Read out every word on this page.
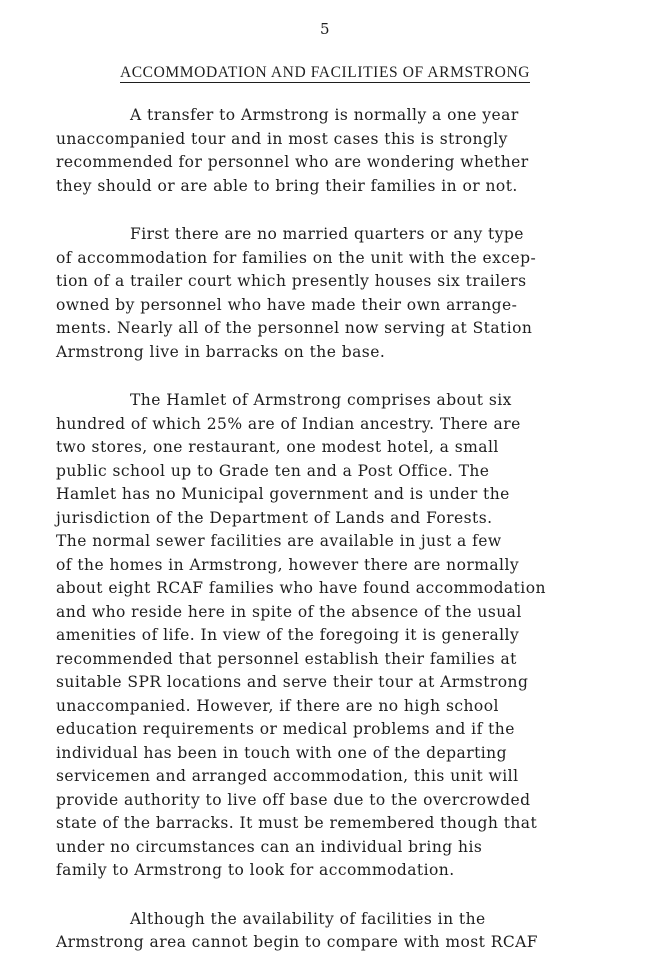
5
ACCOMMODATION AND FACILITIES OF ARMSTRONG
A transfer to Armstrong is normally a one year
unaccompanied tour and in most cases this is strongly
recommended for personnel who are wondering whether
they should or are able to bring their families in or not.
First there are no married quarters or any type
of accommodation for families on the unit with the excep-
tion of a trailer court which presently houses six trailers
owned by personnel who have made their own arrange-
ments. Nearly all of the personnel now serving at Station
Armstrong live in barracks on the base.
The Hamlet of Armstrong comprises about six
hundred of which 25% are of Indian ancestry. There are
two stores, one restaurant, one modest hotel, a small
public school up to Grade ten and a Post Office. The
Hamlet has no Municipal government and is under the
jurisdiction of the Department of Lands and Forests.
The normal sewer facilities are available in just a few
of the homes in Armstrong, however there are normally
about eight RCAF families who have found accommodation
and who reside here in spite of the absence of the usual
amenities of life. In view of the foregoing it is generally
recommended that personnel establish their families at
suitable SPR locations and serve their tour at Armstrong
unaccompanied. However, if there are no high school
education requirements or medical problems and if the
individual has been in touch with one of the departing
servicemen and arranged accommodation, this unit will
provide authority to live off base due to the overcrowded
state of the barracks. It must be remembered though that
under no circumstances can an individual bring his
family to Armstrong to look for accommodation.
Although the availability of facilities in the
Armstrong area cannot begin to compare with most RCAF
